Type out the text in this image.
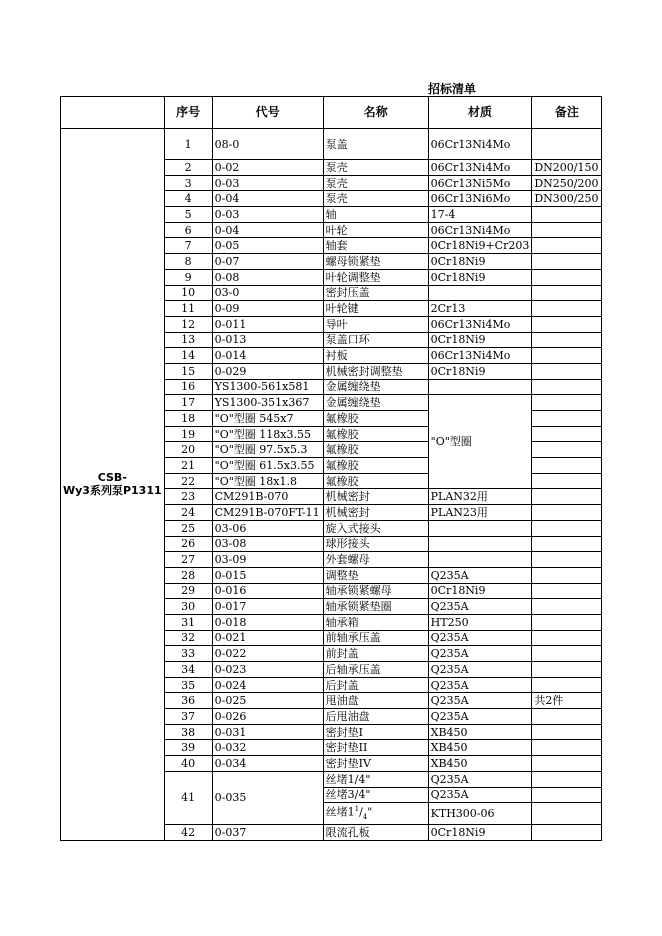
招标清单
	序号	代号	名称	材质	备注

CSB-
Wy3系列泵P1311	1	08-0	泵盖	06Cr13Ni4Mo	
	2	0-02	泵壳	06Cr13Ni4Mo	DN200/150
	3	0-03	泵壳	06Cr13Ni5Mo	DN250/200
	4	0-04	泵壳	06Cr13Ni6Mo	DN300/250
	5	0-03	轴	17-4	
	6	0-04	叶轮	06Cr13Ni4Mo	
	7	0-05	轴套	0Cr18Ni9+Cr203	
	8	0-07	螺母锁紧垫	0Cr18Ni9	
	9	0-08	叶轮调整垫	0Cr18Ni9	
	10	03-0	密封压盖		
	11	0-09	叶轮键	2Cr13	
	12	0-011	导叶	06Cr13Ni4Mo	
	13	0-013	泵盖口环	0Cr18Ni9	
	14	0-014	衬板	06Cr13Ni4Mo	
	15	0-029	机械密封调整垫	0Cr18Ni9	
	16	YS1300-561x581	金属缠绕垫		
	17	YS1300-351x367	金属缠绕垫	"O"型圈	
	18	"O"型圈 545x7	氟橡胶		
	19	"O"型圈 118x3.55	氟橡胶		
	20	"O"型圈 97.5x5.3	氟橡胶		
	21	"O"型圈 61.5x3.55	氟橡胶		
	22	"O"型圈 18x1.8	氟橡胶		
	23	CM291B-070	机械密封	PLAN32用	
	24	CM291B-070FT-11	机械密封	PLAN23用	
	25	03-06	旋入式接头		
	26	03-08	球形接头		
	27	03-09	外套螺母		
	28	0-015	调整垫	Q235A	
	29	0-016	轴承锁紧螺母	0Cr18Ni9	
	30	0-017	轴承锁紧垫圈	Q235A	
	31	0-018	轴承箱	HT250	
	32	0-021	前轴承压盖	Q235A	
	33	0-022	前封盖	Q235A	
	34	0-023	后轴承压盖	Q235A	
	35	0-024	后封盖	Q235A	
	36	0-025	甩油盘	Q235A	共2件
	37	0-026	后甩油盘	Q235A	
	38	0-031	密封垫I	XB450	
	39	0-032	密封垫II	XB450	
	40	0-034	密封垫IV	XB450	
	41	0-035	丝堵1/4"	Q235A	
			丝堵3/4"	Q235A	
			丝堵$1^1/_4$"	KTH300-06	
	42	0-037	限流孔板	0Cr18Ni9	
